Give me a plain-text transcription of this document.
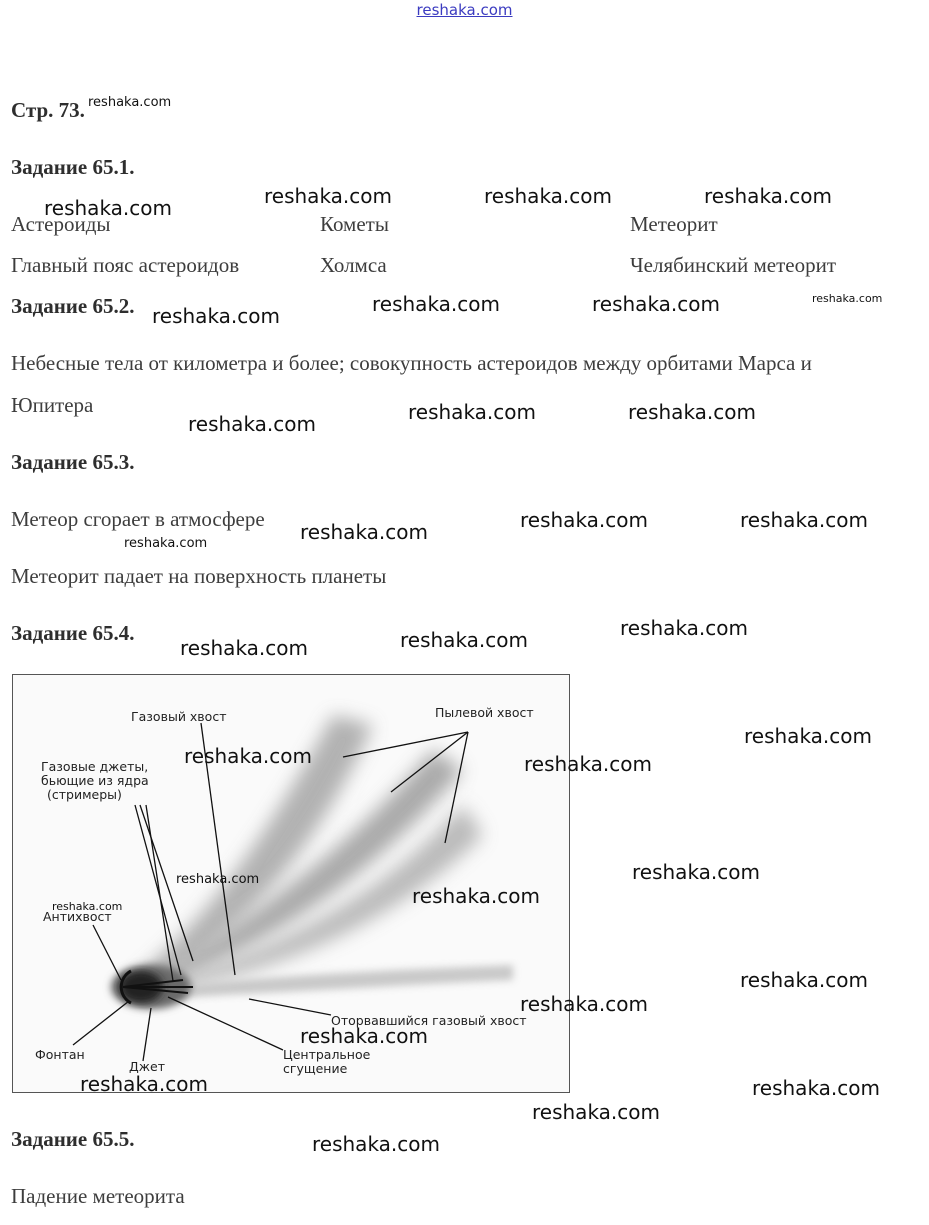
reshaka.com
Стр. 73.
Задание 65.1.
Астероиды	Кометы	Метеорит
Главный пояс астероидов	Холмса	Челябинский метеорит
Задание 65.2.
Небесные тела от километра и более; совокупность астероидов между орбитами Марса и
Юпитера
Задание 65.3.
Метеор сгорает в атмосфере
Метеорит падает на поверхность планеты
Задание 65.4.
Газовый хвост	Пылевой хвост
Газовые джеты,
бьющие из ядра
(стримеры)
Антихвост
Фонтан
Джет
Центральное
сгущение
Оторвавшийся газовый хвост
Задание 65.5.
Падение метеорита
reshaka.com
reshaka.com	reshaka.com	reshaka.com	reshaka.com
reshaka.com	reshaka.com	reshaka.com	reshaka.com
reshaka.com	reshaka.com	reshaka.com
reshaka.com
reshaka.com
reshaka.com	reshaka.com
reshaka.com	reshaka.com	reshaka.com
reshaka.com	reshaka.com
reshaka.com
reshaka.com
reshaka.com
reshaka.com
reshaka.com
reshaka.com
reshaka.com
reshaka.com
reshaka.com	reshaka.com
reshaka.com
reshaka.com
